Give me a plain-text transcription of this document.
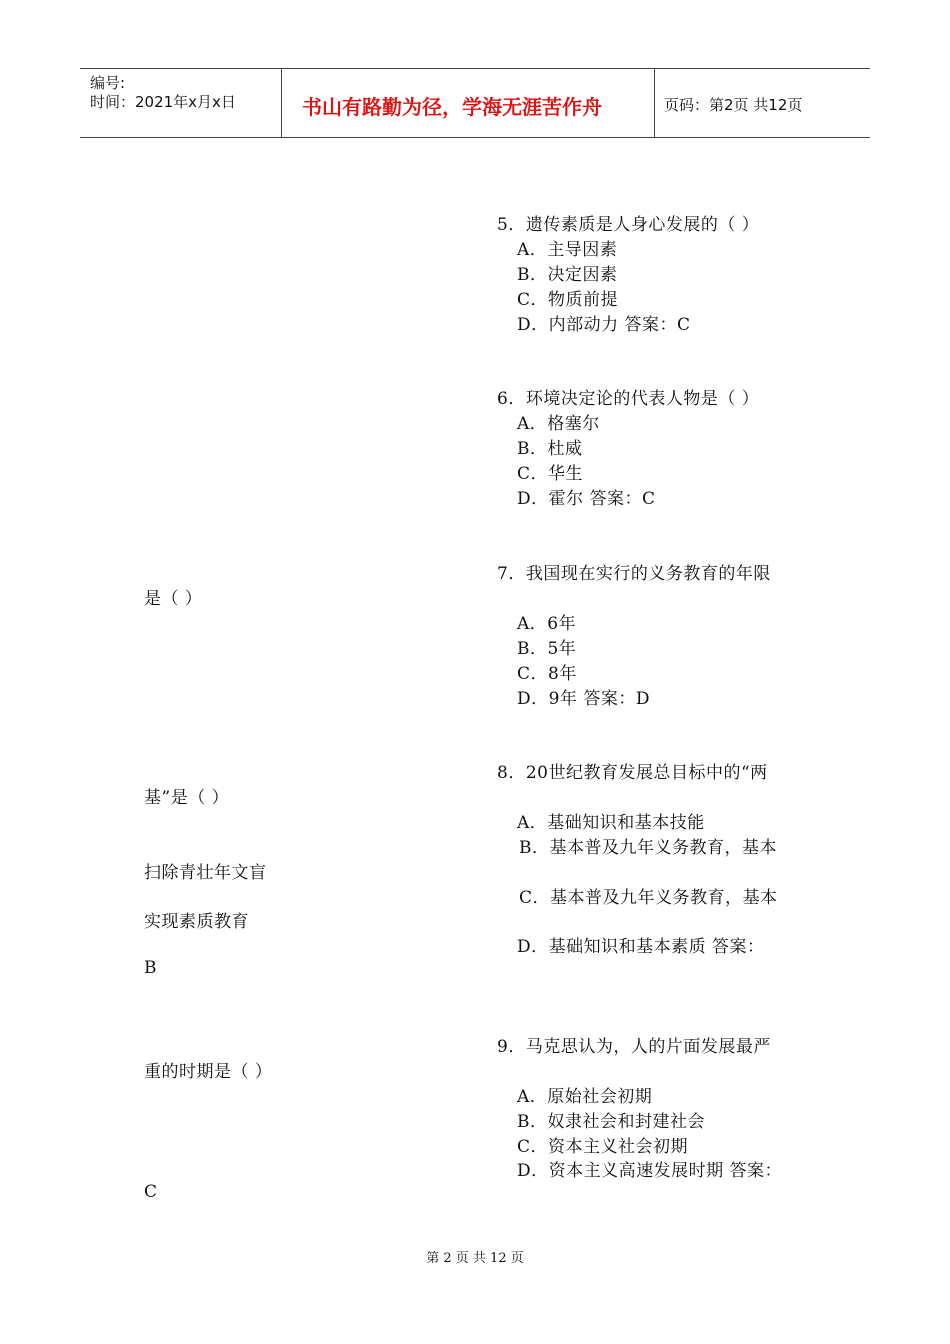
编号:
时间：2021年x月x日	书山有路勤为径，学海无涯苦作舟	页码：第2页 共12页
5．遗传素质是人身心发展的（ ）
A．主导因素
B．决定因素
C．物质前提
D．内部动力 答案：C
6．环境决定论的代表人物是（ ）
A．格塞尔
B．杜威
C．华生
D．霍尔 答案：C
7．我国现在实行的义务教育的年限
是（ ）
A．6年
B．5年
C．8年
D．9年 答案：D
8．20世纪教育发展总目标中的“两
基”是（ ）
A．基础知识和基本技能
B．基本普及九年义务教育，基本
扫除青壮年文盲
C．基本普及九年义务教育，基本
实现素质教育
D．基础知识和基本素质 答案：
B
9．马克思认为，人的片面发展最严
重的时期是（ ）
A．原始社会初期
B．奴隶社会和封建社会
C．资本主义社会初期
D．资本主义高速发展时期 答案：
C
第 2 页 共 12 页
